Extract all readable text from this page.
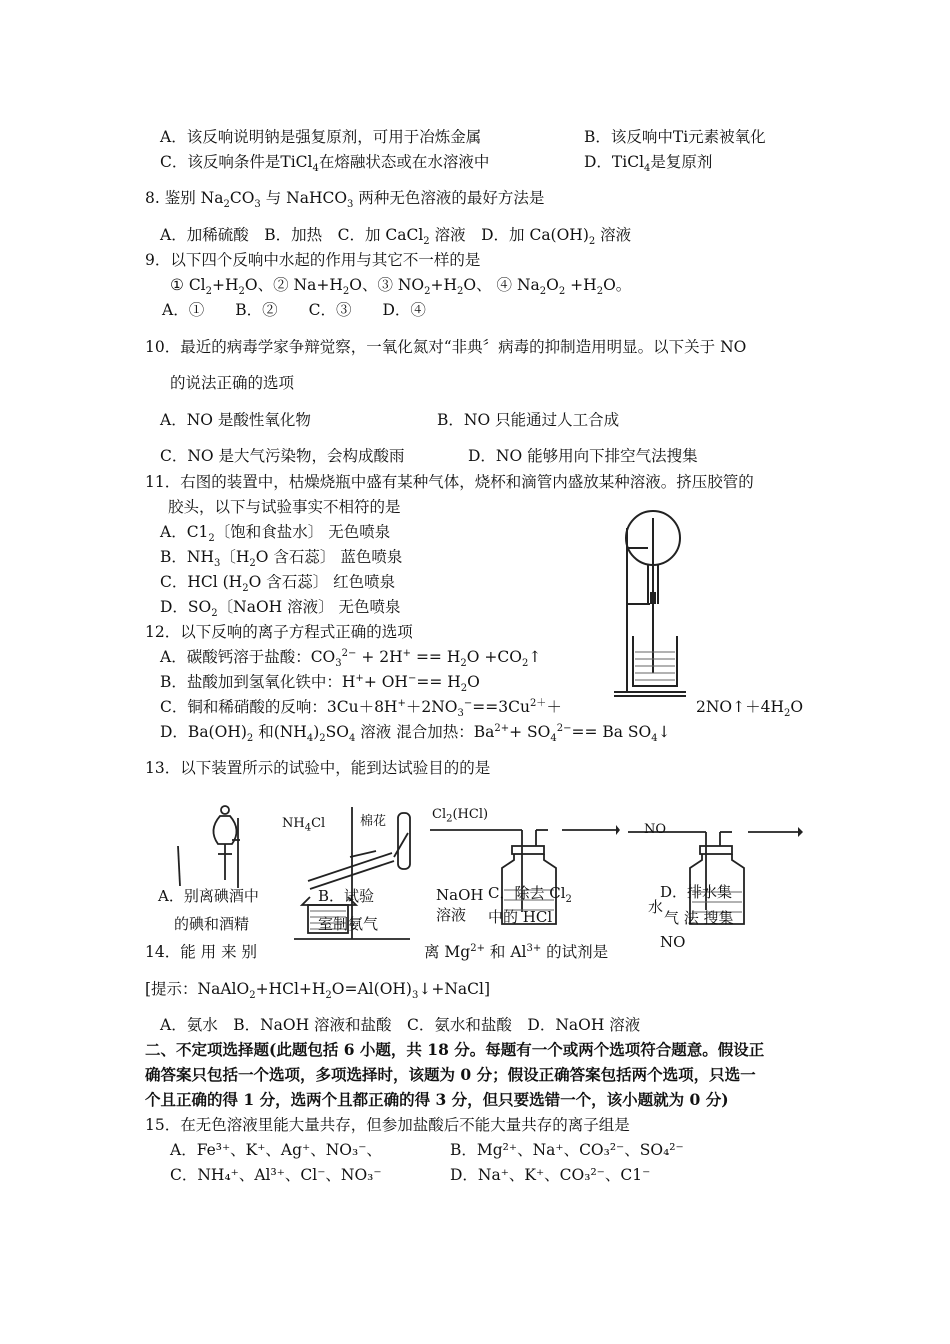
A．该反响说明钠是强复原剂，可用于冶炼金属	B．该反响中Ti元素被氧化
C．该反响条件是TiCl$_4$在熔融状态或在水溶液中	D．TiCl$_4$是复原剂
8. 鉴别 $Na_2CO_3$ 与 NaHCO$_3$ 两种无色溶液的最好方法是
A．加稀硫酸　B．加热　C．加 CaCl$_2$ 溶液　D．加 $Ca(OH)_2$ 溶液
9．以下四个反响中水起的作用与其它不一样的是
① $Cl_2+H_2O$、② $Na+H_2O$、③ $NO_2+H_2O$、 ④ $Na_2O_2 +H_2O$。
A．①　　B．②　　C．③　　D．④
10．最近的病毒学家争辩觉察，一氧化氮对“非典〞病毒的抑制造用明显。以下关于 NO
的说法正确的选项
A．NO 是酸性氧化物	B．NO 只能通过人工合成
C．NO 是大气污染物，会构成酸雨	D．NO 能够用向下排空气法搜集
11．右图的装置中，枯燥烧瓶中盛有某种气体，烧杯和滴管内盛放某种溶液。挤压胶管的
胶头，以下与试验事实不相符的是
A．$C1_2$〔饱和食盐水〕 无色喷泉
B．$NH_3$〔$H_2O$ 含石蕊〕 蓝色喷泉
C．HCl ($H_2O$ 含石蕊〕 红色喷泉
D．$SO_2$〔NaOH 溶液〕 无色喷泉
12．以下反响的离子方程式正确的选项
A．碳酸钙溶于盐酸：$CO_3^{2-} + 2H^+ == H_2O$ $+CO_2↑$
B．盐酸加到氢氧化铁中：$H^++ OH^-== H_2O$
C．铜和稀硝酸的反响：$3Cu+8H^++2NO_3^-==3Cu^{2+}+$	$2NO↑+4H_2O$
D．$Ba(OH)_2$ 和$(NH_4)_2SO_4$ 溶液 混合加热：$Ba^{2+}+ SO_4^{2-}== Ba$ $SO_4↓$
13．以下装置所示的试验中，能到达试验目的的是
$NH_4Cl$	棉花	$Cl_2(HCl)$
NO
A．别离碘酒中
的碘和酒精
B．试验
室制氨气
NaOH
溶液
C．除去 $Cl_2$
中的 HCl
D．排水集
水
气 法 搜集
NO
14．能 用 来 别	离 $Mg^{2+}$ 和 $Al^{3+}$ 的试剂是
[提示：$NaAlO_2+HCl+H_2O=Al(OH)_3↓+NaCl$]
A．氨水　B．NaOH 溶液和盐酸　C．氨水和盐酸　D．NaOH 溶液
二、不定项选择题(此题包括 6 小题，共 18 分。每题有一个或两个选项符合题意。假设正
确答案只包括一个选项，多项选择时，该题为 0 分；假设正确答案包括两个选项，只选一
个且正确的得 1 分，选两个且都正确的得 3 分，但只要选错一个，该小题就为 0 分)
15．在无色溶液里能大量共存，但参加盐酸后不能大量共存的离子组是
A．Fe³⁺、K⁺、Ag⁺、NO₃⁻、	B．Mg²⁺、Na⁺、CO₃²⁻、SO₄²⁻
C．NH₄⁺、Al³⁺、Cl⁻、NO₃⁻	D．Na⁺、K⁺、CO₃²⁻、C1⁻
